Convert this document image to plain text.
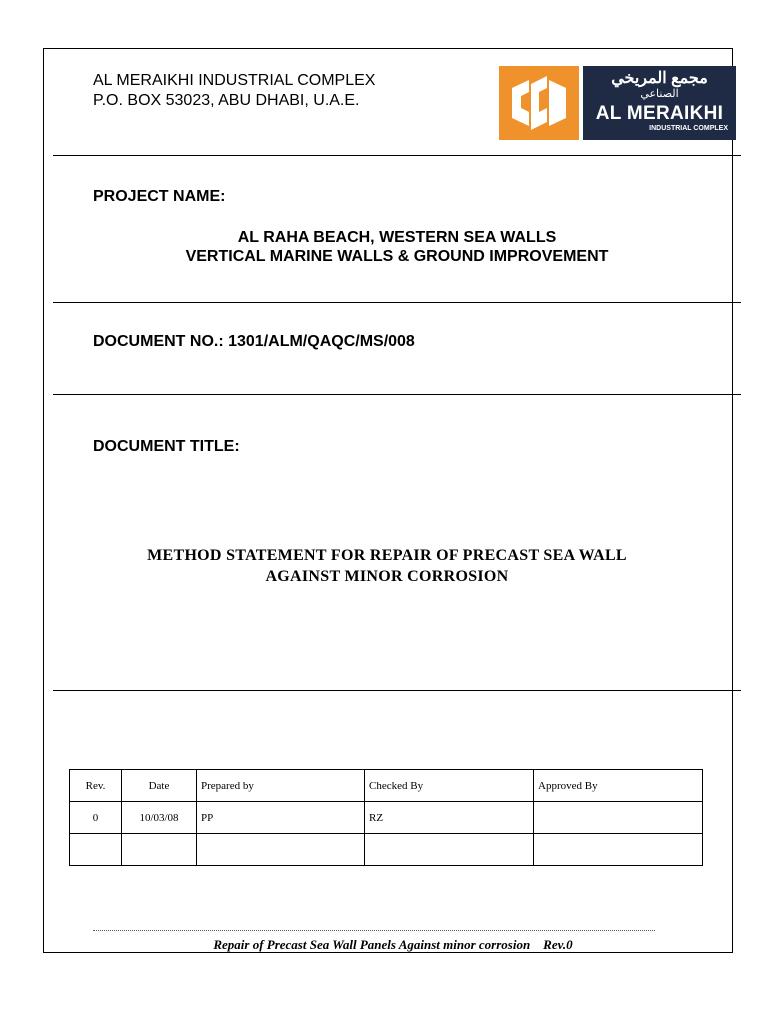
AL MERAIKHI INDUSTRIAL COMPLEX
P.O. BOX 53023, ABU DHABI, U.A.E.
مجمع المريخي
الصناعي
AL MERAIKHI
INDUSTRIAL COMPLEX
PROJECT NAME:
AL RAHA BEACH, WESTERN SEA WALLS
VERTICAL MARINE WALLS & GROUND IMPROVEMENT
DOCUMENT NO.: 1301/ALM/QAQC/MS/008
DOCUMENT TITLE:
METHOD STATEMENT FOR REPAIR OF PRECAST SEA WALL
AGAINST MINOR CORROSION
Rev.	Date	Prepared by	Checked By	Approved By
0	10/03/08	PP	RZ	

Repair of Precast Sea Wall Panels Against minor corrosion    Rev.0
